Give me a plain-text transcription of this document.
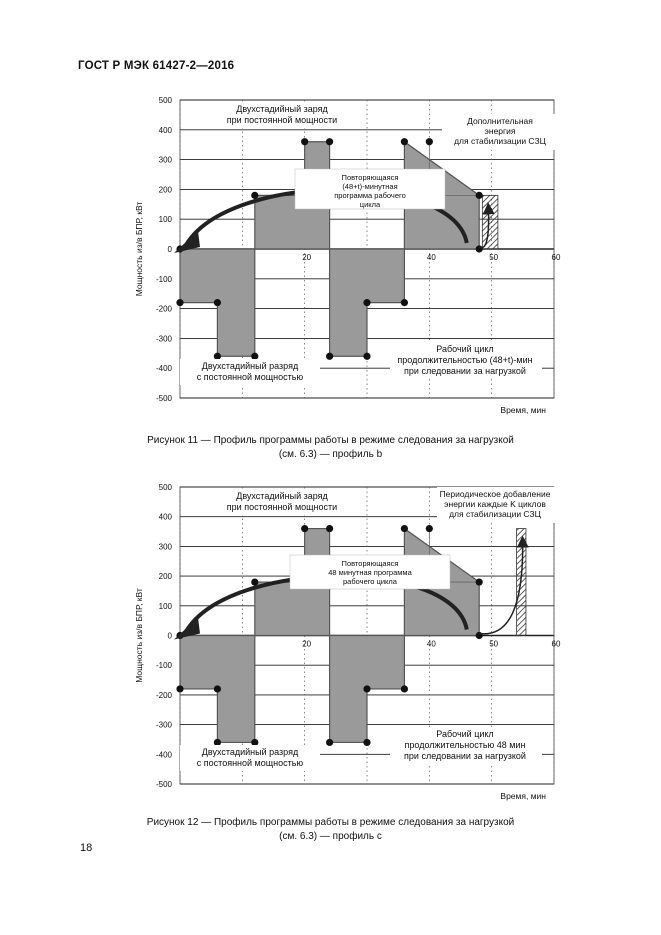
ГОСТ Р МЭК 61427-2—2016
500
400
300
200
100
0
-100
-200
-300
-400
-500
20	40	50	60
Двухстадийный заряд
при постоянной мощности
Двухстадийный разряд
с постоянной мощностью
Повторяющаяся
(48+t)-минутная
программа рабочего
цикла
Дополнительная
энергия
для стабилизации СЗЦ
Рабочий цикл
продолжительностью (48+t)-мин
при следовании за нагрузкой
Мощность из/в БПР, кВт
Время, мин
Рисунок 11 — Профиль программы работы в режиме следования за нагрузкой
(см. 6.3) — профиль b
500
400
300
200
100
0
-100
-200
-300
-400
-500
20	40	50	60
Двухстадийный заряд
при постоянной мощности
Двухстадийный разряд
с постоянной мощностью
Повторяющаяся
48 минутная программа
рабочего цикла
Периодическое добавление
энергии каждые K циклов
для стабилизации СЗЦ
Рабочий цикл
продолжительностью 48 мин
при следовании за нагрузкой
Мощность из/в БПР, кВт
Время, мин
Рисунок 12 — Профиль программы работы в режиме следования за нагрузкой
(см. 6.3) — профиль c
18
